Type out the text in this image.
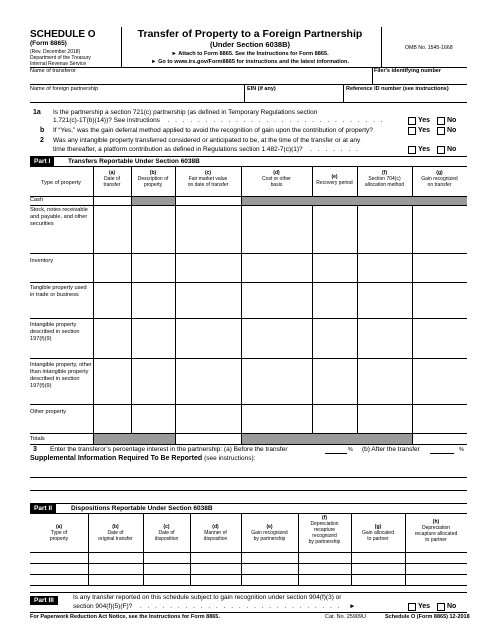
SCHEDULE O
(Form 8865)
(Rev. December 2018)
Department of the Treasury
Internal Revenue Service
Transfer of Property to a Foreign Partnership
(Under Section 6038B)
► Attach to Form 8865. See the Instructions for Form 8865.
► Go to www.irs.gov/Form8865 for instructions and the latest information.
OMB No. 1545-1668
Name of transferor	Filer's identifying number
Name of foreign partnership	EIN (if any)	Reference ID number (see instructions)
1a Is the partnership a section 721(c) partnership (as defined in Temporary Regulations section
1.721(c)-1T(b)(14))? See instructions  . . . . . . . . . . . . . . . . . . . . . . . . . . . . .
b If “Yes,” was the gain deferral method applied to avoid the recognition of gain upon the contribution of property?
2 Was any intangible property transferred considered or anticipated to be, at the time of the transfer or at any
time thereafter, a platform contribution as defined in Regulations section 1.482-7(c)(1)?  . . . . . . .
Yes No
Yes No
Yes No
Part I	Transfers Reportable Under Section 6038B
Type of property
(a)
Date of
transfer
(b)
Description of
property
(c)
Fair market value
on date of transfer
(d)
Cost or other
basis
(e)
Recovery period
(f)
Section 704(c)
allocation method
(g)
Gain recognized
on transfer
Cash
Stock, notes receivable and payable, and other securities
Inventory
Tangible property used in trade or business
Intangible property described in section 197(f)(9)
Intangible property, other than intangible property described in section 197(f)(9)
Other property
Totals
3 Enter the transferor’s percentage interest in the partnership: (a) Before the transfer	% (b) After the transfer	%
Supplemental Information Required To Be Reported (see instructions):
Part II	Dispositions Reportable Under Section 6038B
(a)
Type of
property
(b)
Date of
original transfer
(c)
Date of
disposition
(d)
Manner of
disposition
(e)
Gain recognized
by partnership
(f)
Depreciation
recapture
recognized
by partnership
(g)
Gain allocated
to partner
(h)
Depreciation
recapture allocated
to partner
Part III	Is any transfer reported on this schedule subject to gain recognition under section 904(f)(3) or
section 904(f)(5)(F)?  . . . . . . . . . . . . . . . . . . . . . . . . . . .  ►	Yes No
For Paperwork Reduction Act Notice, see the Instructions for Form 8865.	Cat. No. 25909U	Schedule O (Form 8865) 12-2018
